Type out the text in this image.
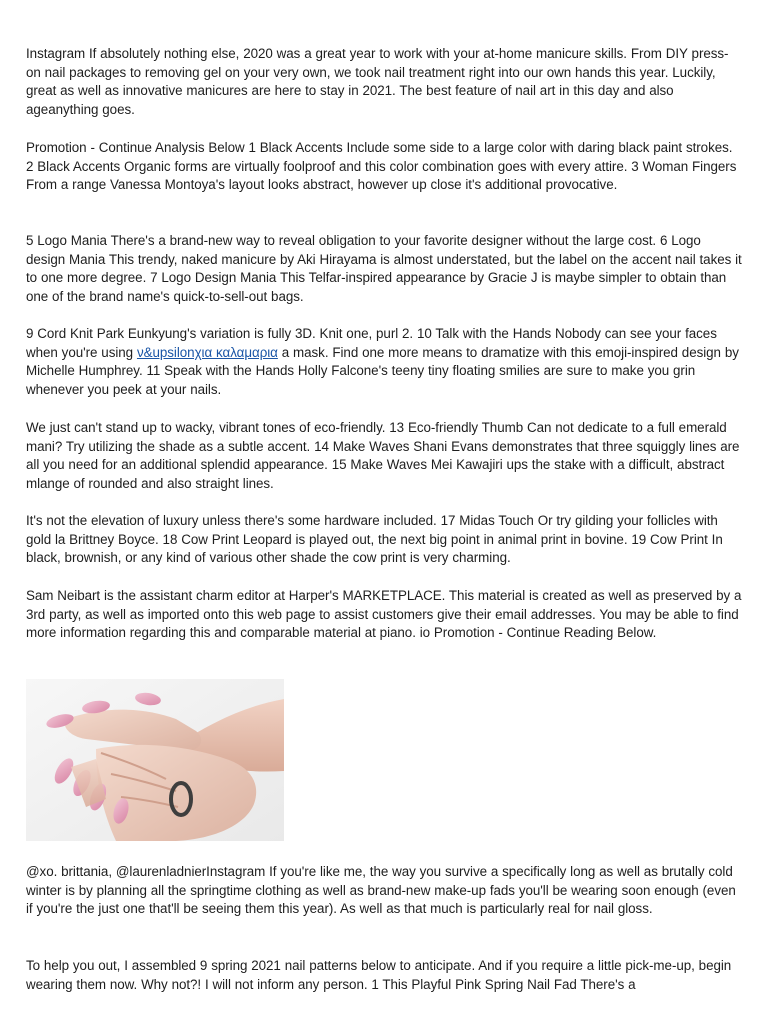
Instagram If absolutely nothing else, 2020 was a great year to work with your at-home manicure skills. From DIY press-on nail packages to removing gel on your very own, we took nail treatment right into our own hands this year. Luckily, great as well as innovative manicures are here to stay in 2021. The best feature of nail art in this day and also ageanything goes.

Promotion - Continue Analysis Below 1 Black Accents Include some side to a large color with daring black paint strokes. 2 Black Accents Organic forms are virtually foolproof and this color combination goes with every attire. 3 Woman Fingers From a range Vanessa Montoya's layout looks abstract, however up close it's additional provocative.

5 Logo Mania There's a brand-new way to reveal obligation to your favorite designer without the large cost. 6 Logo design Mania This trendy, naked manicure by Aki Hirayama is almost understated, but the label on the accent nail takes it to one more degree. 7 Logo Design Mania This Telfar-inspired appearance by Gracie J is maybe simpler to obtain than one of the brand name's quick-to-sell-out bags.

9 Cord Knit Park Eunkyung's variation is fully 3D. Knit one, purl 2. 10 Talk with the Hands Nobody can see your faces when you're using ν&upsilonχια καλαμαρια a mask. Find one more means to dramatize with this emoji-inspired design by Michelle Humphrey. 11 Speak with the Hands Holly Falcone's teeny tiny floating smilies are sure to make you grin whenever you peek at your nails.

We just can't stand up to wacky, vibrant tones of eco-friendly. 13 Eco-friendly Thumb Can not dedicate to a full emerald mani? Try utilizing the shade as a subtle accent. 14 Make Waves Shani Evans demonstrates that three squiggly lines are all you need for an additional splendid appearance. 15 Make Waves Mei Kawajiri ups the stake with a difficult, abstract mlange of rounded and also straight lines.

It's not the elevation of luxury unless there's some hardware included. 17 Midas Touch Or try gilding your follicles with gold la Brittney Boyce. 18 Cow Print Leopard is played out, the next big point in animal print in bovine. 19 Cow Print In black, brownish, or any kind of various other shade the cow print is very charming.

Sam Neibart is the assistant charm editor at Harper's MARKETPLACE. This material is created as well as preserved by a 3rd party, as well as imported onto this web page to assist customers give their email addresses. You may be able to find more information regarding this and comparable material at piano. io Promotion - Continue Reading Below.

@xo. brittania, @laurenladnierInstagram If you're like me, the way you survive a specifically long as well as brutally cold winter is by planning all the springtime clothing as well as brand-new make-up fads you'll be wearing soon enough (even if you're the just one that'll be seeing them this year). As well as that much is particularly real for nail gloss.

To help you out, I assembled 9 spring 2021 nail patterns below to anticipate. And if you require a little pick-me-up, begin wearing them now. Why not?! I will not inform any person. 1 This Playful Pink Spring Nail Fad There's a
